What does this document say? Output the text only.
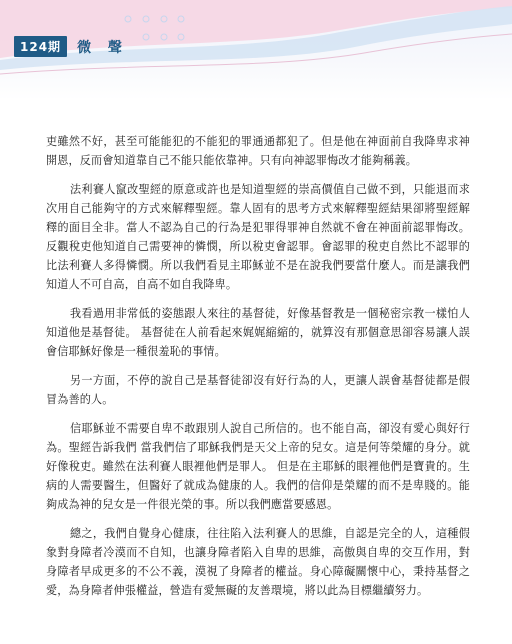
124期	微 聲

吏雖然不好，甚至可能能犯的不能犯的罪通通都犯了。但是他在神面前自我降卑求神開恩，反而會知道靠自己不能只能依靠神。只有向神認罪悔改才能夠稱義。

法利賽人竄改聖經的原意或許也是知道聖經的崇高價值自己做不到，只能退而求次用自己能夠守的方式來解釋聖經。靠人固有的思考方式來解釋聖經結果卻將聖經解釋的面目全非。當人不認為自己的行為是犯罪得罪神自然就不會在神面前認罪悔改。反觀稅吏他知道自己需要神的憐憫，所以稅吏會認罪。會認罪的稅吏自然比不認罪的比法利賽人多得憐憫。所以我們看見主耶穌並不是在說我們要當什麼人。而是讓我們知道人不可自高，自高不如自我降卑。

我看過用非常低的姿態跟人來往的基督徒，好像基督教是一個秘密宗教一樣怕人知道他是基督徒。 基督徒在人前看起來娓娓縮縮的，就算沒有那個意思卻容易讓人誤會信耶穌好像是一種很羞恥的事情。

另一方面，不停的說自己是基督徒卻沒有好行為的人，更讓人誤會基督徒都是假冒為善的人。

信耶穌並不需要自卑不敢跟別人說自己所信的。也不能自高，卻沒有愛心與好行為。聖經告訴我們 當我們信了耶穌我們是天父上帝的兒女。這是何等榮耀的身分。就好像稅吏。雖然在法利賽人眼裡他們是罪人。 但是在主耶穌的眼裡他們是寶貴的。生病的人需要醫生，但醫好了就成為健康的人。我們的信仰是榮耀的而不是卑賤的。能夠成為神的兒女是一件很光榮的事。所以我們應當要感恩。

總之，我們自覺身心健康，往往陷入法利賽人的思維，自認是完全的人，這種假象對身障者冷漠而不自知，也讓身障者陷入自卑的思維，高傲與自卑的交互作用，對身障者早成更多的不公不義，漠視了身障者的權益。身心障礙關懷中心，秉持基督之愛，為身障者伸張權益，營造有愛無礙的友善環境，將以此為目標繼續努力。
